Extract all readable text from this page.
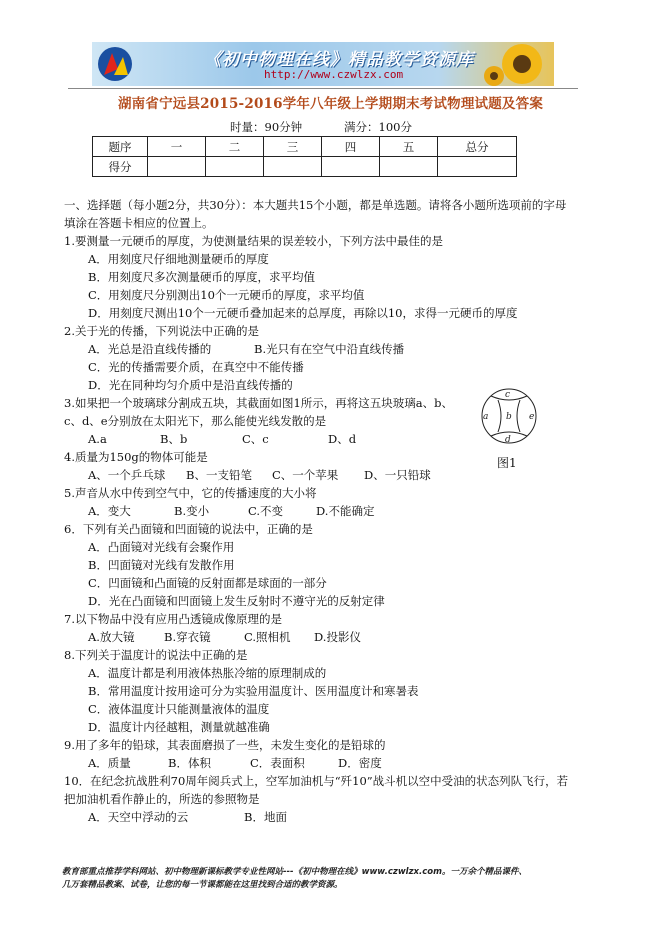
《初中物理在线》精品教学资源库
http://www.czwlzx.com
湖南省宁远县2015-2016学年八年级上学期期末考试物理试题及答案
时量：90分钟	满分：100分
题序	一	二	三	四	五	总分
得分						
一、选择题（每小题2分，共30分）：本大题共15个小题，都是单选题。请将各小题所选项前的字母
填涂在答题卡相应的位置上。
1.要测量一元硬币的厚度，为使测量结果的误差较小，下列方法中最佳的是
A．用刻度尺仔细地测量硬币的厚度
B．用刻度尺多次测量硬币的厚度，求平均值
C．用刻度尺分别测出10个一元硬币的厚度，求平均值
D．用刻度尺测出10个一元硬币叠加起来的总厚度，再除以10，求得一元硬币的厚度
2.关于光的传播，下列说法中正确的是
A．光总是沿直线传播的	B.光只有在空气中沿直线传播
C．光的传播需要介质，在真空中不能传播
D．光在同种均匀介质中是沿直线传播的
3.如果把一个玻璃球分割成五块，其截面如图1所示，再将这五块玻璃a、b、
c、d、e分别放在太阳光下，那么能使光线发散的是
A.a	B、b	C、c	D、d
a b
c
d
e
图1
4.质量为150g的物体可能是
A、一个乒乓球 B、一支铅笔 C、一个苹果 D、一只铅球
5.声音从水中传到空气中，它的传播速度的大小将
A．变大	B.变小	C.不变	D.不能确定
6．下列有关凸面镜和凹面镜的说法中，正确的是
A．凸面镜对光线有会聚作用
B．凹面镜对光线有发散作用
C．凹面镜和凸面镜的反射面都是球面的一部分
D．光在凸面镜和凹面镜上发生反射时不遵守光的反射定律
7.以下物品中没有应用凸透镜成像原理的是
A.放大镜	B.穿衣镜	C.照相机 D.投影仪
8.下列关于温度计的说法中正确的是
A．温度计都是利用液体热胀冷缩的原理制成的
B．常用温度计按用途可分为实验用温度计、医用温度计和寒暑表
C．液体温度计只能测量液体的温度
D．温度计内径越粗，测量就越准确
9.用了多年的铅球，其表面磨损了一些，未发生变化的是铅球的
A．质量	B．体积	C．表面积	D．密度
10．在纪念抗战胜利70周年阅兵式上，空军加油机与“歼10”战斗机以空中受油的状态列队飞行，若
把加油机看作静止的，所选的参照物是
A．天空中浮动的云	B．地面
教育部重点推荐学科网站、初中物理新课标教学专业性网站---《初中物理在线》www.czwlzx.com。一万余个精品课件、
几万套精品教案、试卷，让您的每一节课都能在这里找到合适的教学资源。
